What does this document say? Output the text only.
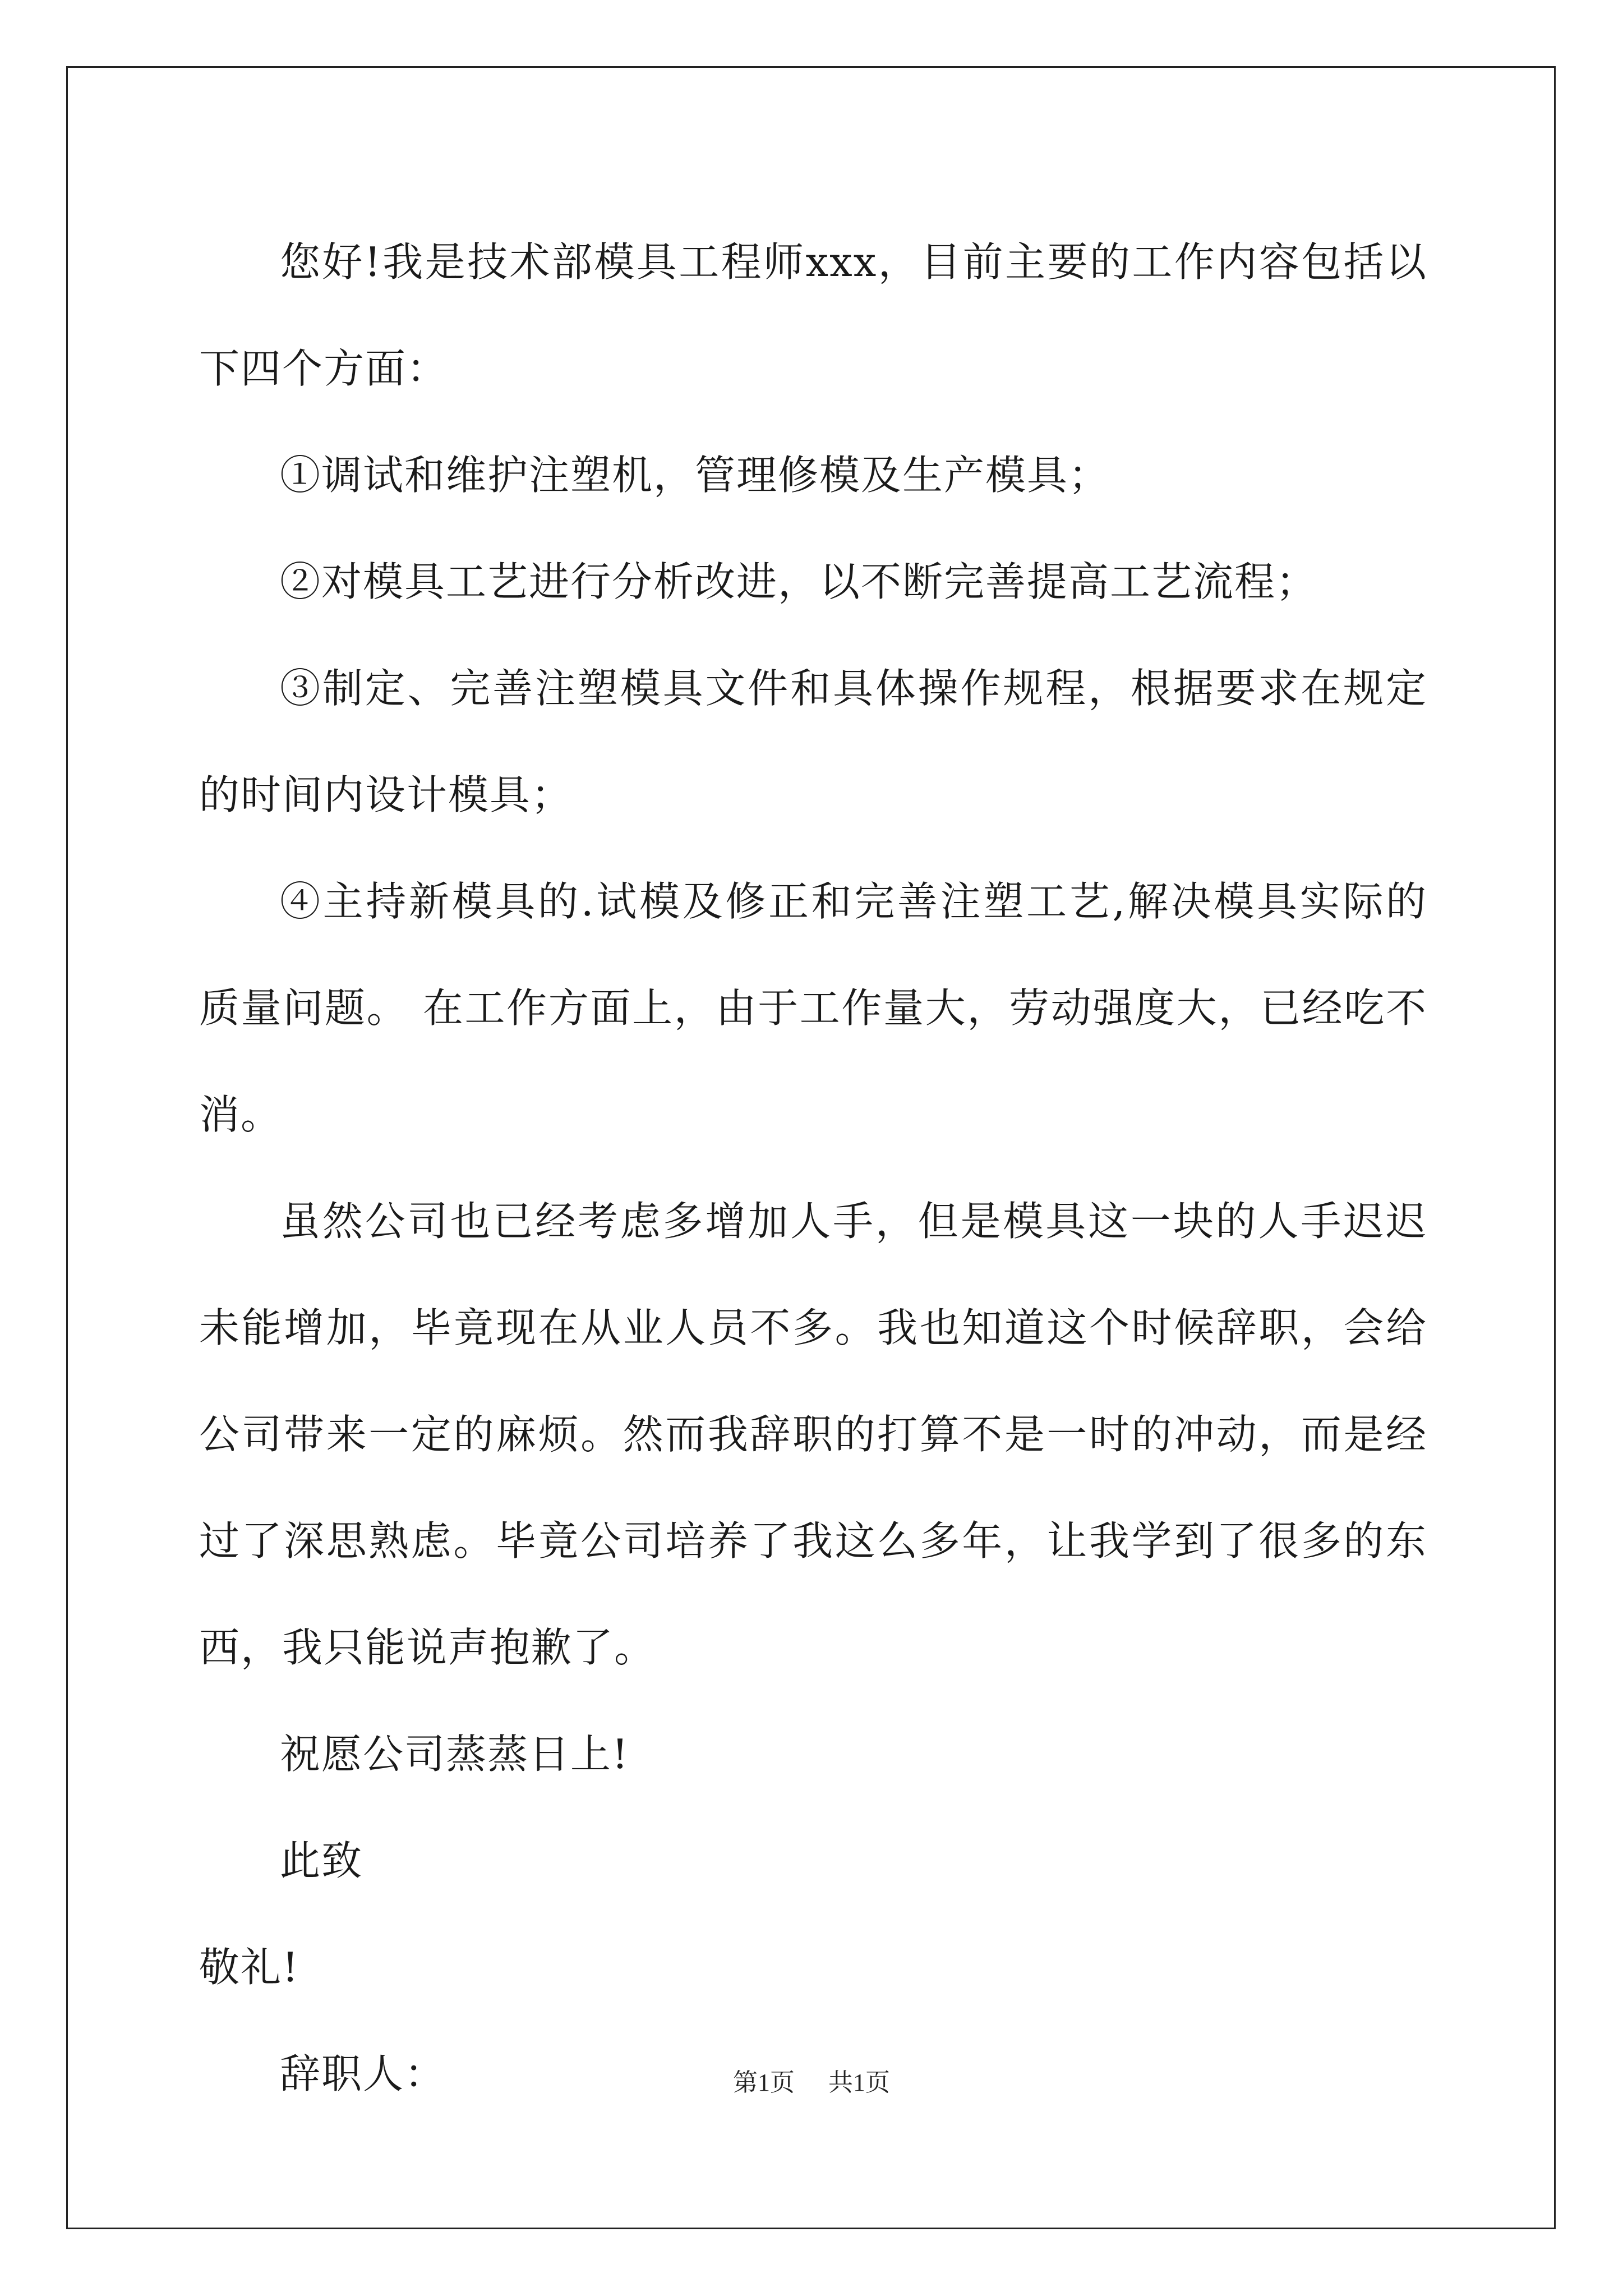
您好!我是技术部模具工程师xxx，目前主要的工作内容包括以下四个方面：

①调试和维护注塑机，管理修模及生产模具；

②对模具工艺进行分析改进，以不断完善提高工艺流程；

③制定、完善注塑模具文件和具体操作规程，根据要求在规定的时间内设计模具；

④主持新模具的.试模及修正和完善注塑工艺,解决模具实际的质量问题。 在工作方面上，由于工作量大，劳动强度大，已经吃不消。

虽然公司也已经考虑多增加人手，但是模具这一块的人手迟迟未能增加，毕竟现在从业人员不多。我也知道这个时候辞职，会给公司带来一定的麻烦。然而我辞职的打算不是一时的冲动，而是经过了深思熟虑。毕竟公司培养了我这么多年，让我学到了很多的东西，我只能说声抱歉了。

祝愿公司蒸蒸日上!

此致

敬礼!

辞职人：	第1页 共1页
